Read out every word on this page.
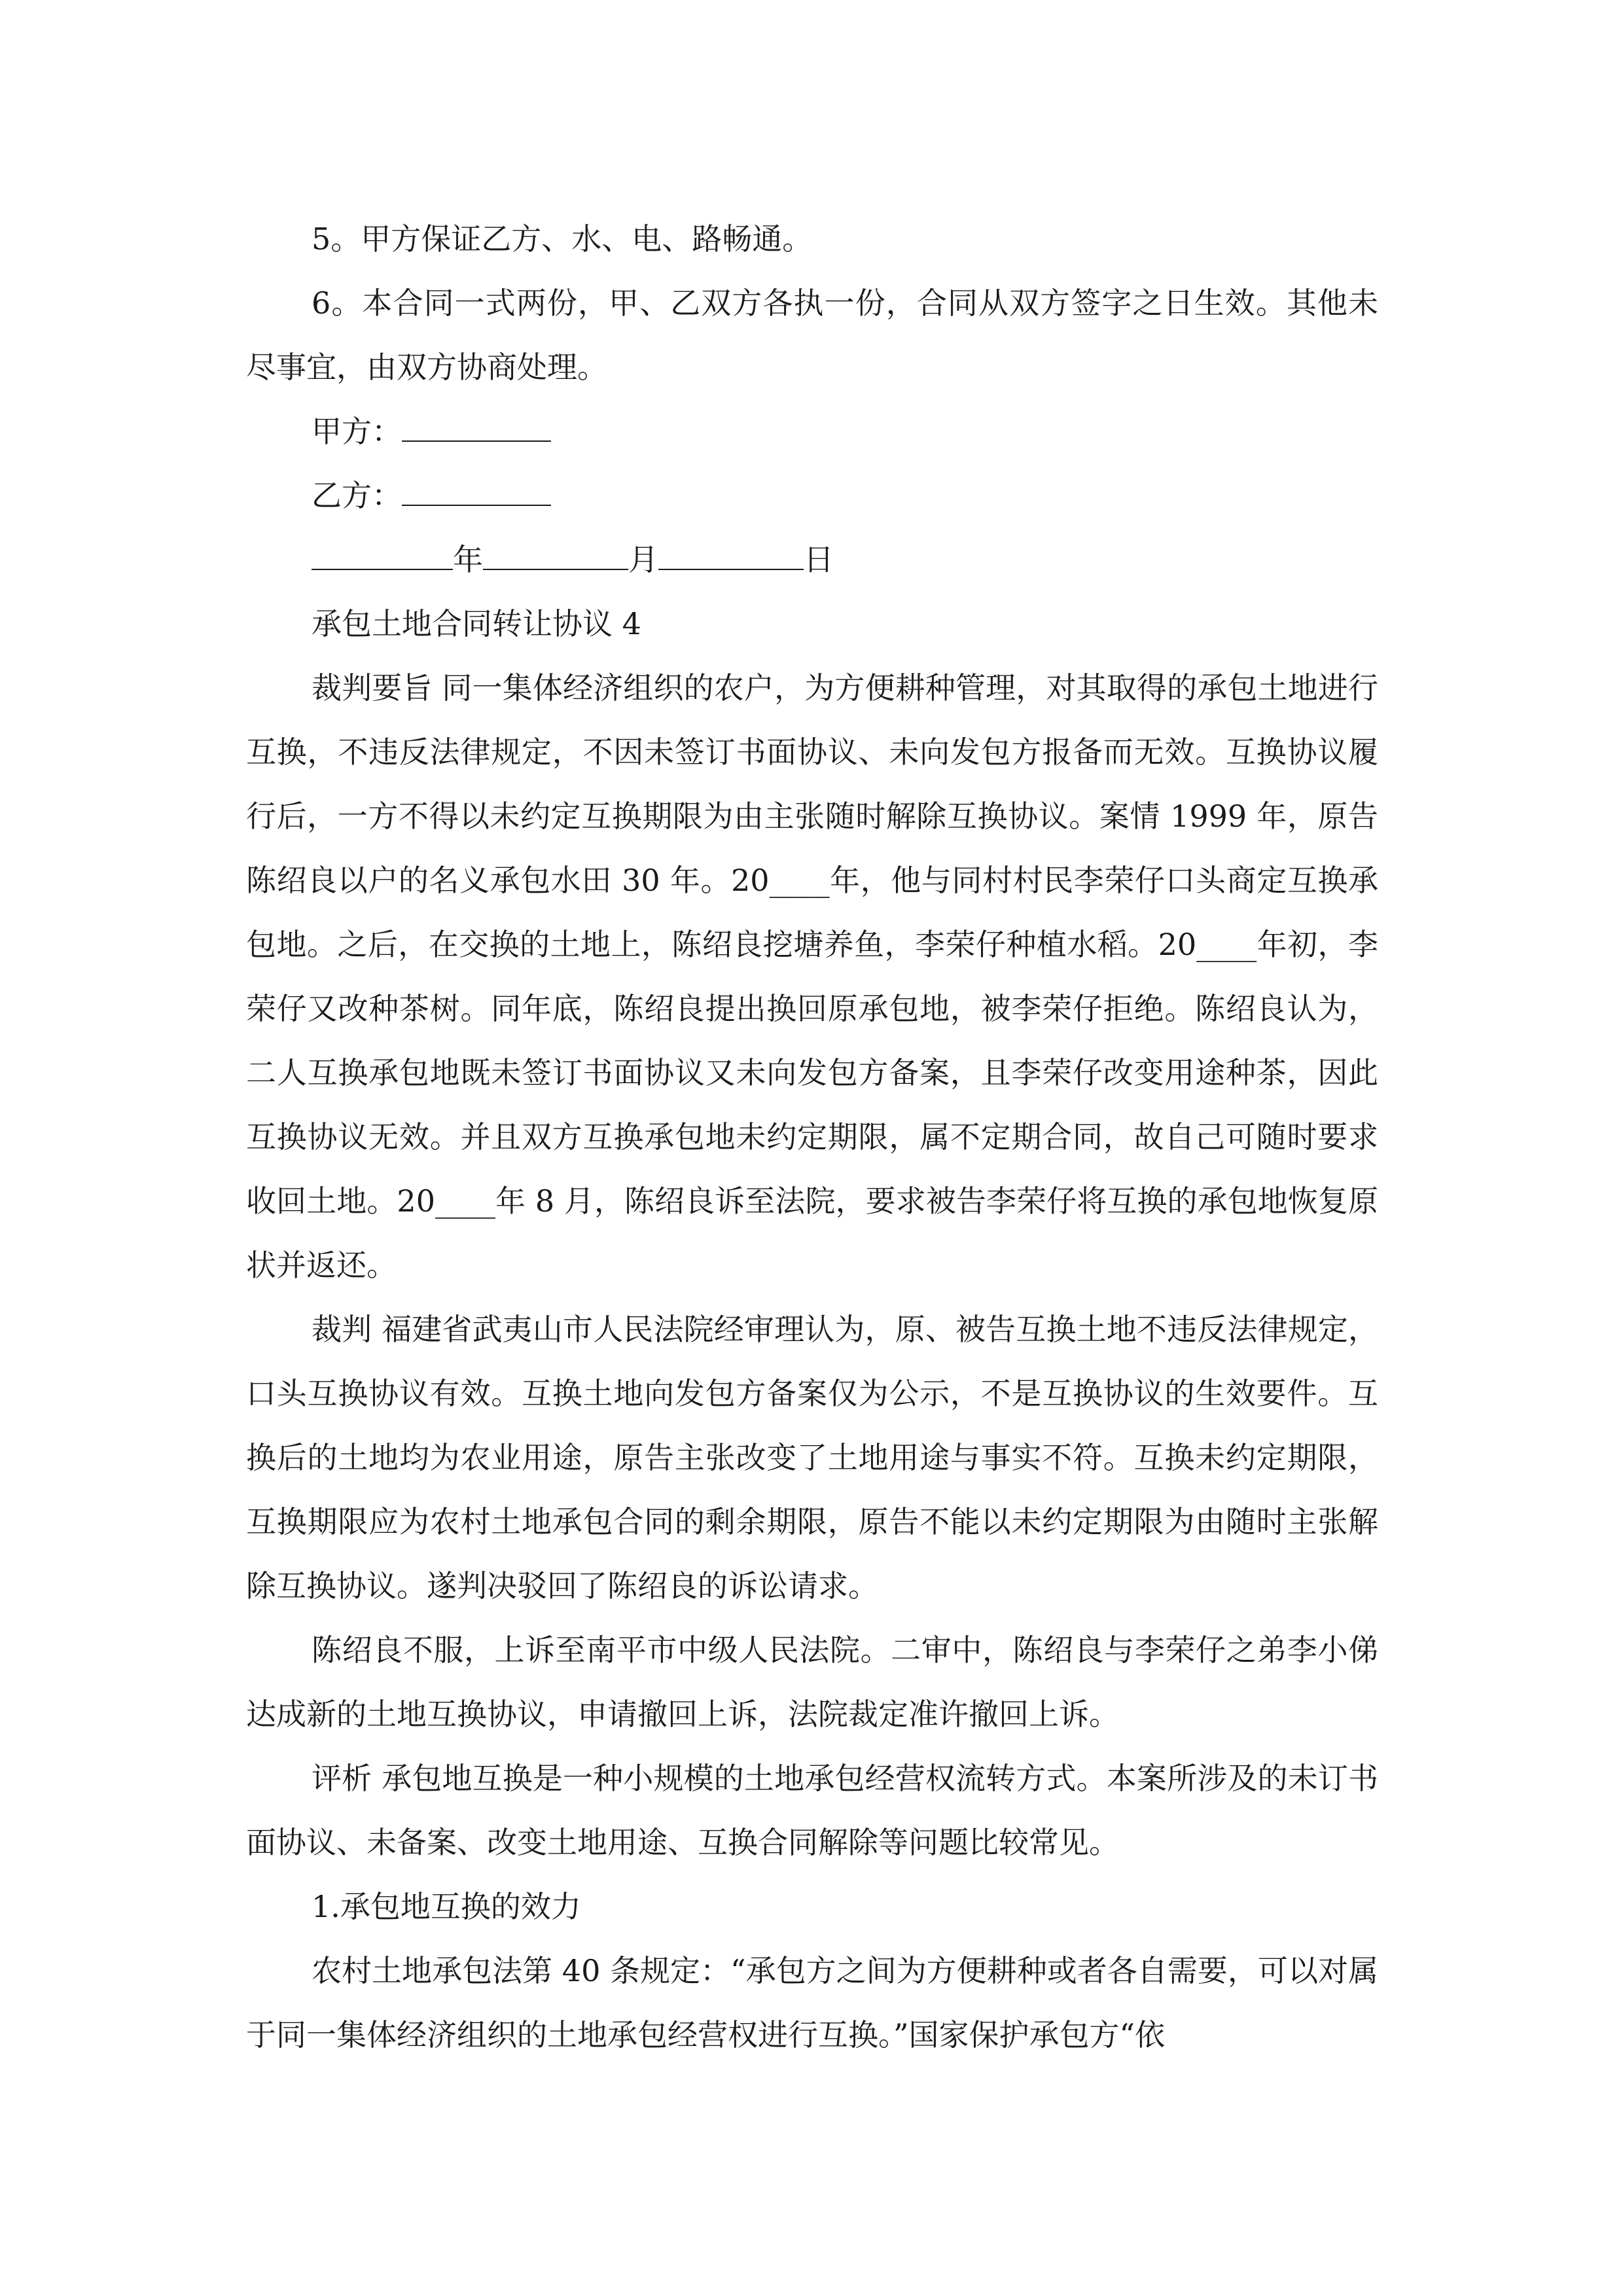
5。甲方保证乙方、水、电、路畅通。

6。本合同一式两份，甲、乙双方各执一份，合同从双方签字之日生效。其他未尽事宜，由双方协商处理。

甲方：

乙方：

年	月	日

承包土地合同转让协议 4

裁判要旨 同一集体经济组织的农户，为方便耕种管理，对其取得的承包土地进行互换，不违反法律规定，不因未签订书面协议、未向发包方报备而无效。互换协议履行后，一方不得以未约定互换期限为由主张随时解除互换协议。案情 1999 年，原告陈绍良以户的名义承包水田 30 年。20____年，他与同村村民李荣仔口头商定互换承包地。之后，在交换的土地上，陈绍良挖塘养鱼，李荣仔种植水稻。20____年初，李荣仔又改种茶树。同年底，陈绍良提出换回原承包地，被李荣仔拒绝。陈绍良认为，二人互换承包地既未签订书面协议又未向发包方备案，且李荣仔改变用途种茶，因此互换协议无效。并且双方互换承包地未约定期限，属不定期合同，故自己可随时要求收回土地。20____年 8 月，陈绍良诉至法院，要求被告李荣仔将互换的承包地恢复原状并返还。

裁判 福建省武夷山市人民法院经审理认为，原、被告互换土地不违反法律规定，口头互换协议有效。互换土地向发包方备案仅为公示，不是互换协议的生效要件。互换后的土地均为农业用途，原告主张改变了土地用途与事实不符。互换未约定期限，互换期限应为农村土地承包合同的剩余期限，原告不能以未约定期限为由随时主张解除互换协议。遂判决驳回了陈绍良的诉讼请求。

陈绍良不服，上诉至南平市中级人民法院。二审中，陈绍良与李荣仔之弟李小俤达成新的土地互换协议，申请撤回上诉，法院裁定准许撤回上诉。

评析 承包地互换是一种小规模的土地承包经营权流转方式。本案所涉及的未订书面协议、未备案、改变土地用途、互换合同解除等问题比较常见。

1.承包地互换的效力

农村土地承包法第 40 条规定：“承包方之间为方便耕种或者各自需要，可以对属于同一集体经济组织的土地承包经营权进行互换。”国家保护承包方“依
